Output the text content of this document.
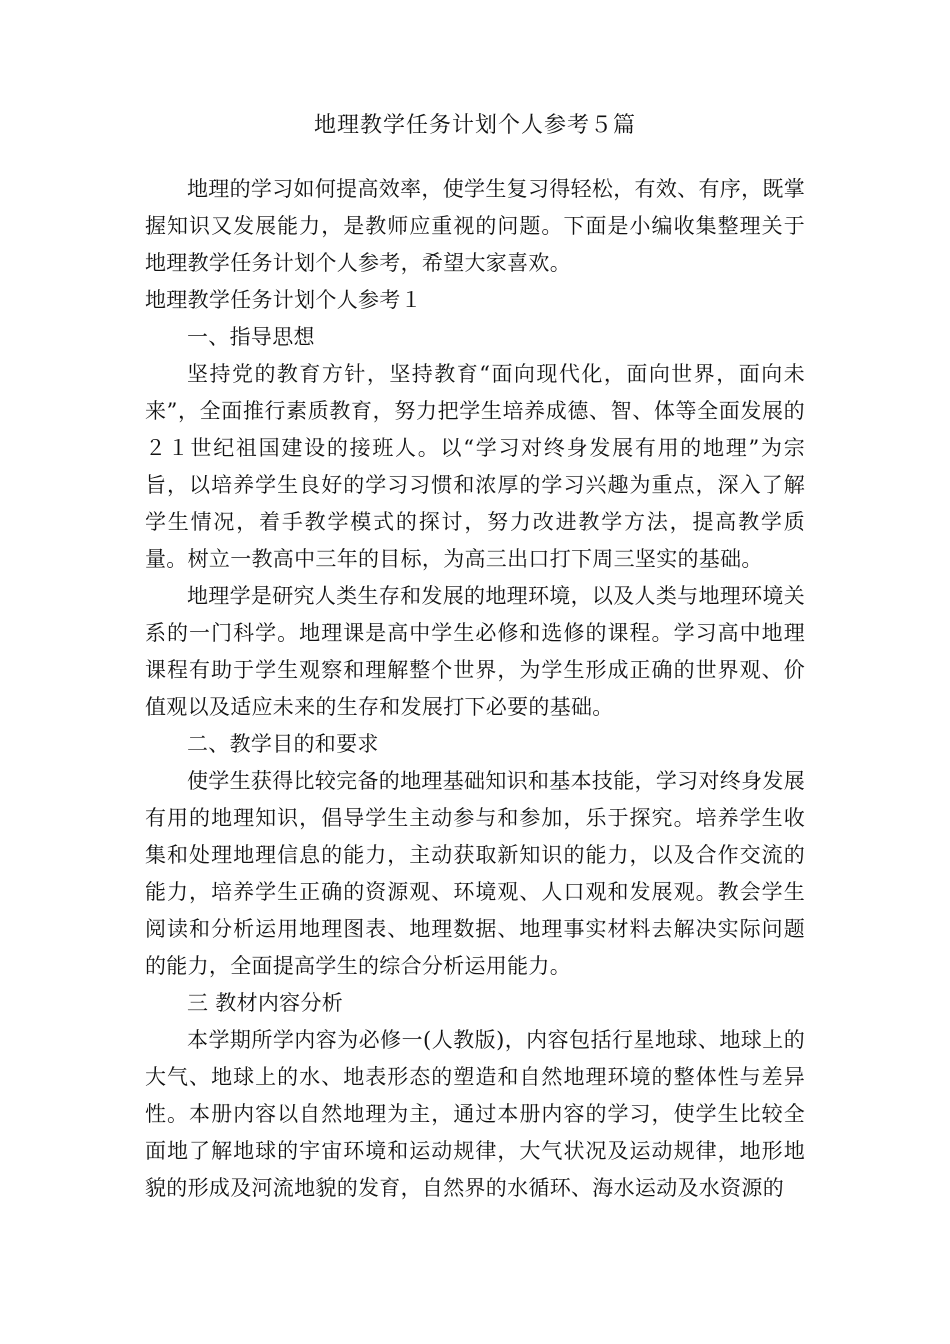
地理教学任务计划个人参考５篇

地理的学习如何提高效率，使学生复习得轻松，有效、有序，既掌握知识又发展能力，是教师应重视的问题。下面是小编收集整理关于地理教学任务计划个人参考，希望大家喜欢。

地理教学任务计划个人参考１

一、指导思想

坚持党的教育方针，坚持教育“面向现代化，面向世界，面向未来”，全面推行素质教育，努力把学生培养成德、智、体等全面发展的２１世纪祖国建设的接班人。以“学习对终身发展有用的地理”为宗旨，以培养学生良好的学习习惯和浓厚的学习兴趣为重点，深入了解学生情况，着手教学模式的探讨，努力改进教学方法，提高教学质量。树立一教高中三年的目标，为高三出口打下周三坚实的基础。

地理学是研究人类生存和发展的地理环境，以及人类与地理环境关系的一门科学。地理课是高中学生必修和选修的课程。学习高中地理课程有助于学生观察和理解整个世界，为学生形成正确的世界观、价值观以及适应未来的生存和发展打下必要的基础。

二、教学目的和要求

使学生获得比较完备的地理基础知识和基本技能，学习对终身发展有用的地理知识，倡导学生主动参与和参加，乐于探究。培养学生收集和处理地理信息的能力，主动获取新知识的能力，以及合作交流的能力，培养学生正确的资源观、环境观、人口观和发展观。教会学生阅读和分析运用地理图表、地理数据、地理事实材料去解决实际问题的能力，全面提高学生的综合分析运用能力。

三 教材内容分析

本学期所学内容为必修一(人教版)，内容包括行星地球、地球上的大气、地球上的水、地表形态的塑造和自然地理环境的整体性与差异性。本册内容以自然地理为主，通过本册内容的学习，使学生比较全面地了解地球的宇宙环境和运动规律，大气状况及运动规律，地形地貌的形成及河流地貌的发育，自然界的水循环、海水运动及水资源的
